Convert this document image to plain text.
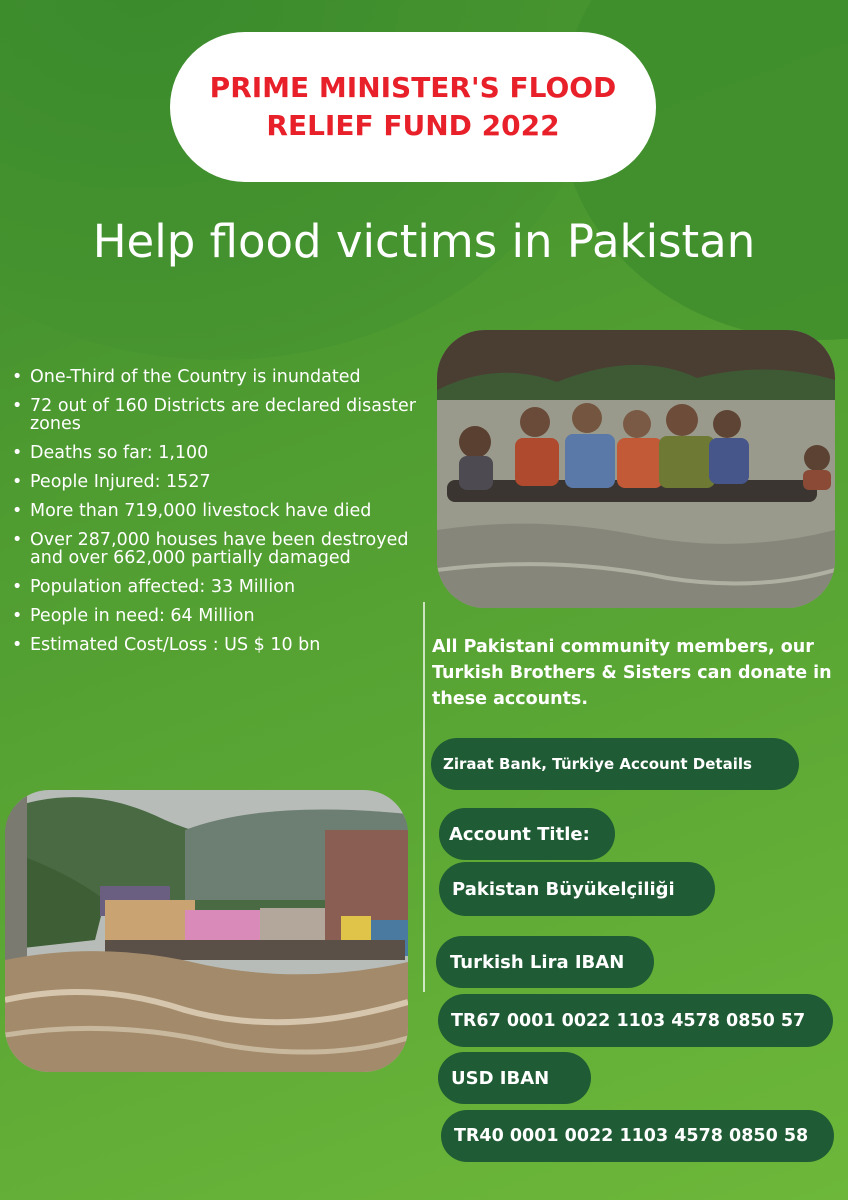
PRIME MINISTER'S FLOOD RELIEF FUND 2022
Help flood victims in Pakistan
• One-Third of the Country is inundated
• 72 out of 160 Districts are declared disaster zones
• Deaths so far: 1,100
• People Injured: 1527
• More than 719,000 livestock have died
• Over 287,000 houses have been destroyed and over 662,000 partially damaged
• Population affected: 33 Million
• People in need: 64 Million
• Estimated Cost/Loss : US $ 10 bn	All Pakistani community members, our Turkish Brothers & Sisters can donate in these accounts.
Ziraat Bank, Türkiye Account Details
Account Title:
Pakistan Büyükelçiliği
Turkish Lira IBAN
TR67 0001 0022 1103 4578 0850 57
USD IBAN
TR40 0001 0022 1103 4578 0850 58
